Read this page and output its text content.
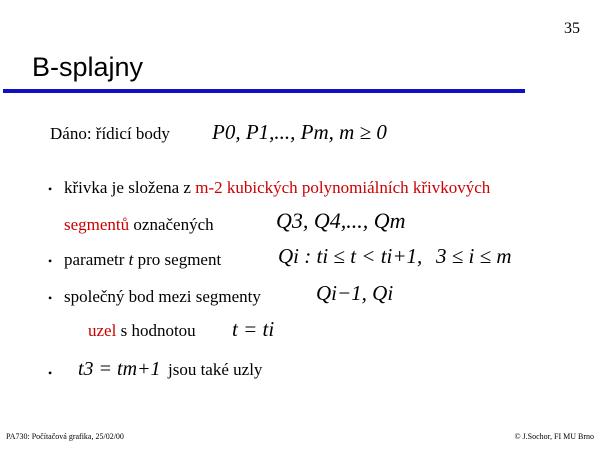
35
B-splajny
Dáno: řídicí body P0, P1,..., Pm, m ≥ 0
• křivka je složena z m-2 kubických polynomiálních křivkových
segmentů označených	Q3, Q4,..., Qm
• parametr t pro segment	Qi : ti ≤ t < ti+1, 3 ≤ i ≤ m
• společný bod mezi segmenty	Qi−1, Qi
uzel s hodnotou t = ti
• t3 = tm+1 jsou také uzly
PA730: Počítačová grafika, 25/02/00	© J.Sochor, FI MU Brno
